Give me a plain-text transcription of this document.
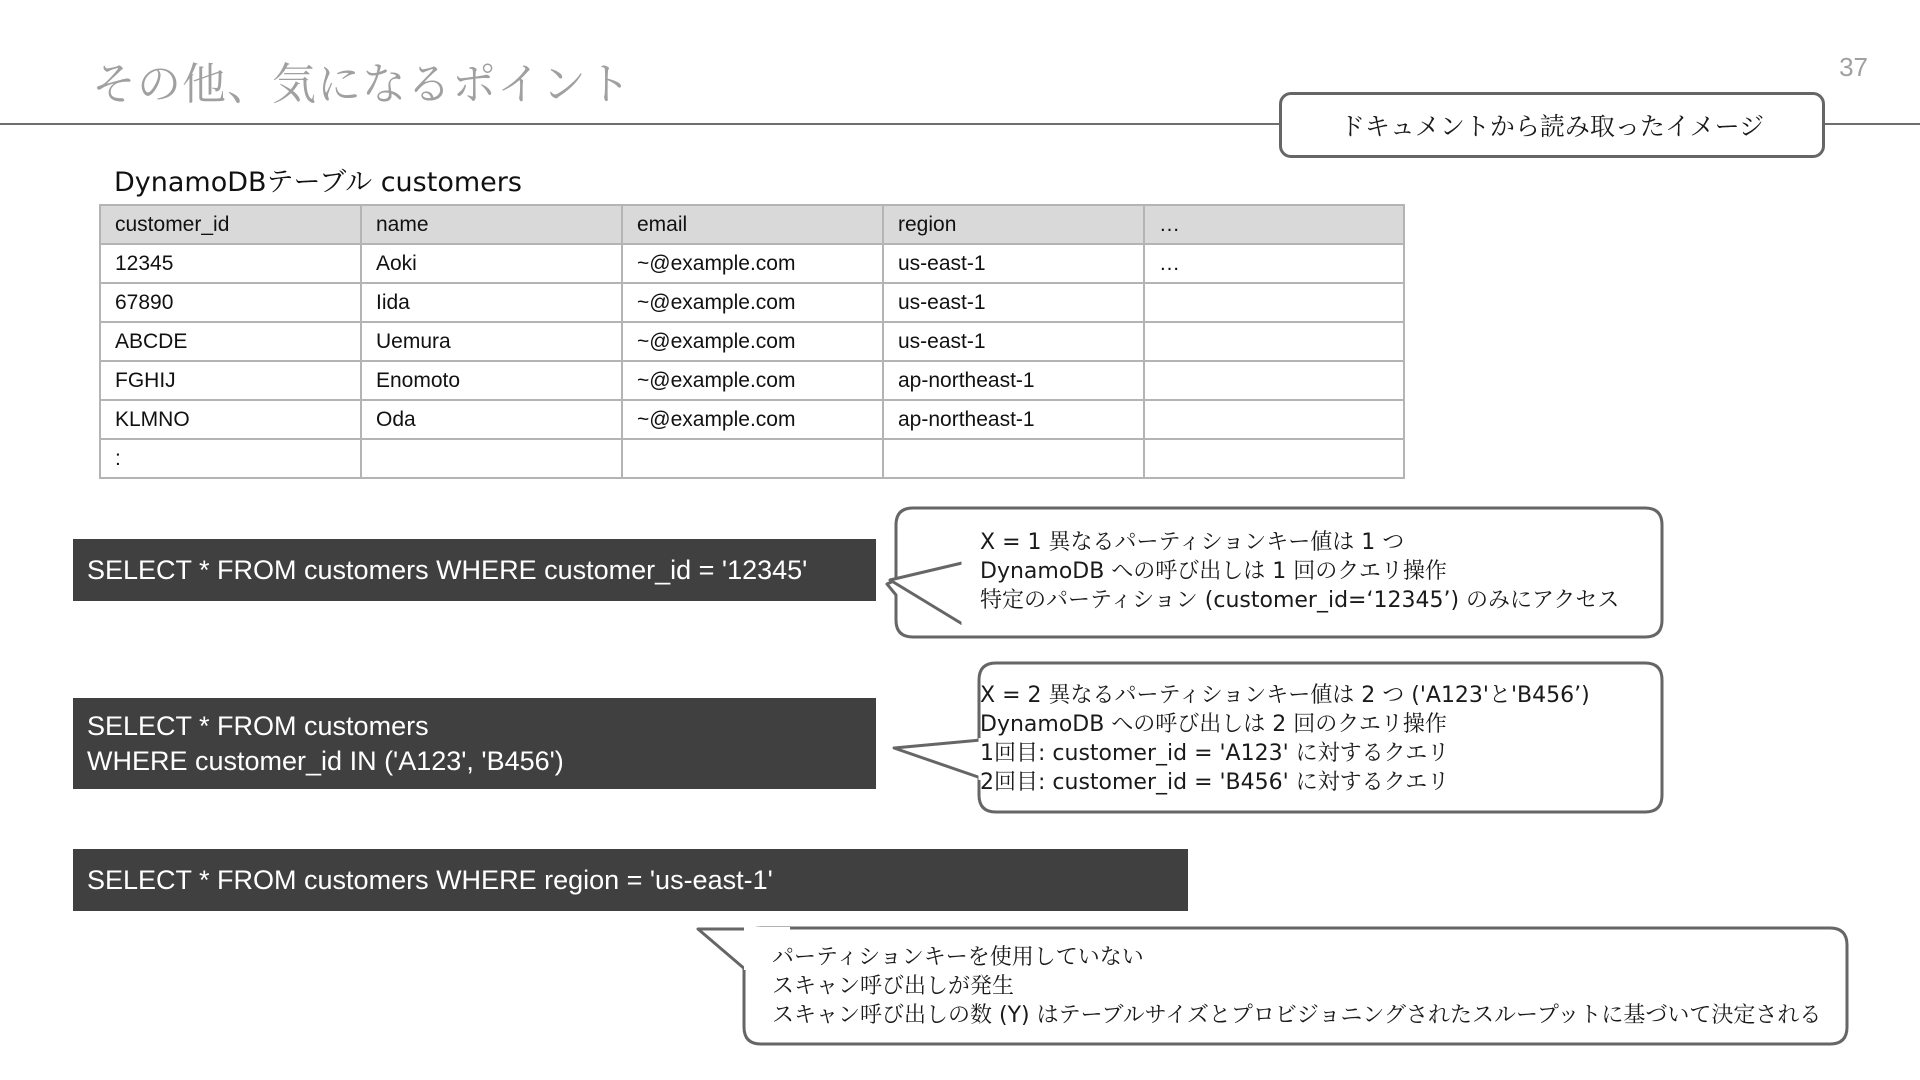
その他、気になるポイント	37
ドキュメントから読み取ったイメージ
DynamoDBテーブル customers
customer_id	name	email	region	…
12345	Aoki	~@example.com	us-east-1	…
67890	Iida	~@example.com	us-east-1	
ABCDE	Uemura	~@example.com	us-east-1	
FGHIJ	Enomoto	~@example.com	ap-northeast-1	
KLMNO	Oda	~@example.com	ap-northeast-1	
:				
SELECT * FROM customers WHERE customer_id = '12345'
X = 1 異なるパーティションキー値は 1 つ
DynamoDB への呼び出しは 1 回のクエリ操作
特定のパーティション (customer_id=‘12345’) のみにアクセス
SELECT * FROM customers
WHERE customer_id IN ('A123', 'B456')
X = 2 異なるパーティションキー値は 2 つ ('A123'と'B456’)
DynamoDB への呼び出しは 2 回のクエリ操作
1回目: customer_id = 'A123' に対するクエリ
2回目: customer_id = 'B456' に対するクエリ
SELECT * FROM customers WHERE region = 'us-east-1'
パーティションキーを使用していない
スキャン呼び出しが発生
スキャン呼び出しの数 (Y) はテーブルサイズとプロビジョニングされたスループットに基づいて決定される
